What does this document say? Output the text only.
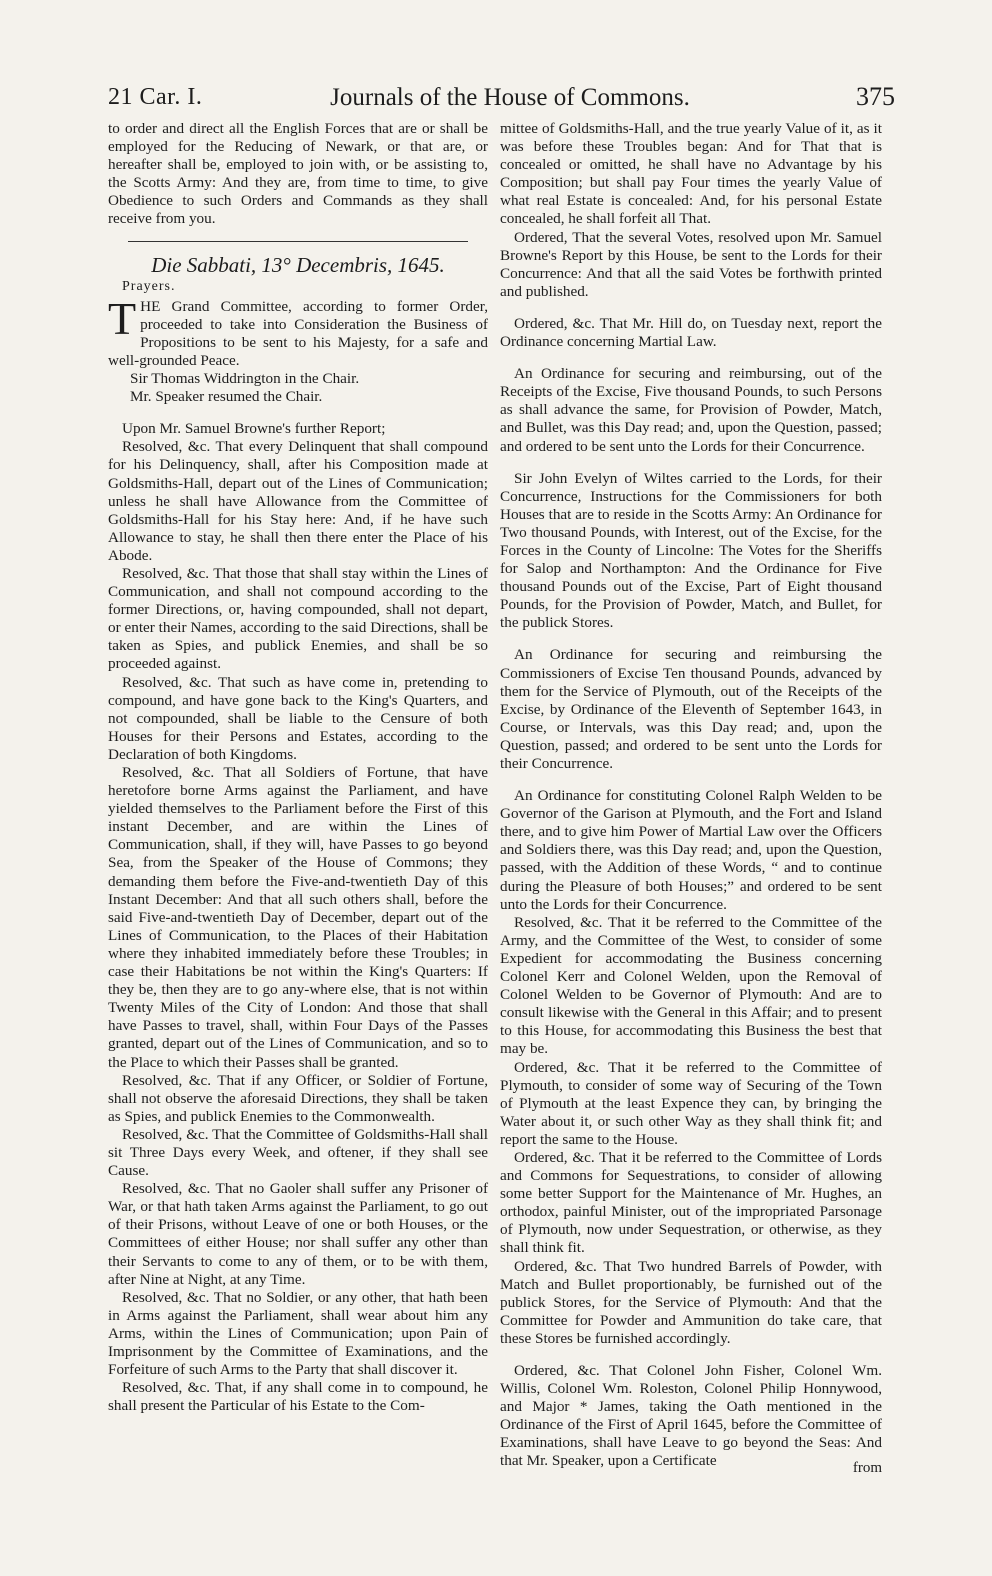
21 Car. I.	Journals of the House of Commons.	375

to order and direct all the English Forces that are or shall be employed for the Reducing of Newark, or that are, or hereafter shall be, employed to join with, or be assisting to, the Scotts Army: And they are, from time to time, to give Obedience to such Orders and Commands as they shall receive from you.

Die Sabbati, 13° Decembris, 1645.

Prayers.

THE Grand Committee, according to former Order, proceeded to take into Consideration the Business of Propositions to be sent to his Majesty, for a safe and well-grounded Peace.

Sir Thomas Widdrington in the Chair.

Mr. Speaker resumed the Chair.

Upon Mr. Samuel Browne's further Report;

Resolved, &c. That every Delinquent that shall compound for his Delinquency, shall, after his Composition made at Goldsmiths-Hall, depart out of the Lines of Communication; unless he shall have Allowance from the Committee of Goldsmiths-Hall for his Stay here: And, if he have such Allowance to stay, he shall then there enter the Place of his Abode.

Resolved, &c. That those that shall stay within the Lines of Communication, and shall not compound according to the former Directions, or, having compounded, shall not depart, or enter their Names, according to the said Directions, shall be taken as Spies, and publick Enemies, and shall be so proceeded against.

Resolved, &c. That such as have come in, pretending to compound, and have gone back to the King's Quarters, and not compounded, shall be liable to the Censure of both Houses for their Persons and Estates, according to the Declaration of both Kingdoms.

Resolved, &c. That all Soldiers of Fortune, that have heretofore borne Arms against the Parliament, and have yielded themselves to the Parliament before the First of this instant December, and are within the Lines of Communication, shall, if they will, have Passes to go beyond Sea, from the Speaker of the House of Commons; they demanding them before the Five-and-twentieth Day of this Instant December: And that all such others shall, before the said Five-and-twentieth Day of December, depart out of the Lines of Communication, to the Places of their Habitation where they inhabited immediately before these Troubles; in case their Habitations be not within the King's Quarters: If they be, then they are to go any-where else, that is not within Twenty Miles of the City of London: And those that shall have Passes to travel, shall, within Four Days of the Passes granted, depart out of the Lines of Communication, and so to the Place to which their Passes shall be granted.

Resolved, &c. That if any Officer, or Soldier of Fortune, shall not observe the aforesaid Directions, they shall be taken as Spies, and publick Enemies to the Commonwealth.

Resolved, &c. That the Committee of Goldsmiths-Hall shall sit Three Days every Week, and oftener, if they shall see Cause.

Resolved, &c. That no Gaoler shall suffer any Prisoner of War, or that hath taken Arms against the Parliament, to go out of their Prisons, without Leave of one or both Houses, or the Committees of either House; nor shall suffer any other than their Servants to come to any of them, or to be with them, after Nine at Night, at any Time.

Resolved, &c. That no Soldier, or any other, that hath been in Arms against the Parliament, shall wear about him any Arms, within the Lines of Communication; upon Pain of Imprisonment by the Committee of Examinations, and the Forfeiture of such Arms to the Party that shall discover it.

Resolved, &c. That, if any shall come in to compound, he shall present the Particular of his Estate to the Com-

mittee of Goldsmiths-Hall, and the true yearly Value of it, as it was before these Troubles began: And for That that is concealed or omitted, he shall have no Advantage by his Composition; but shall pay Four times the yearly Value of what real Estate is concealed: And, for his personal Estate concealed, he shall forfeit all That.

Ordered, That the several Votes, resolved upon Mr. Samuel Browne's Report by this House, be sent to the Lords for their Concurrence: And that all the said Votes be forthwith printed and published.

Ordered, &c. That Mr. Hill do, on Tuesday next, report the Ordinance concerning Martial Law.

An Ordinance for securing and reimbursing, out of the Receipts of the Excise, Five thousand Pounds, to such Persons as shall advance the same, for Provision of Powder, Match, and Bullet, was this Day read; and, upon the Question, passed; and ordered to be sent unto the Lords for their Concurrence.

Sir John Evelyn of Wiltes carried to the Lords, for their Concurrence, Instructions for the Commissioners for both Houses that are to reside in the Scotts Army: An Ordinance for Two thousand Pounds, with Interest, out of the Excise, for the Forces in the County of Lincolne: The Votes for the Sheriffs for Salop and Northampton: And the Ordinance for Five thousand Pounds out of the Excise, Part of Eight thousand Pounds, for the Provision of Powder, Match, and Bullet, for the publick Stores.

An Ordinance for securing and reimbursing the Commissioners of Excise Ten thousand Pounds, advanced by them for the Service of Plymouth, out of the Receipts of the Excise, by Ordinance of the Eleventh of September 1643, in Course, or Intervals, was this Day read; and, upon the Question, passed; and ordered to be sent unto the Lords for their Concurrence.

An Ordinance for constituting Colonel Ralph Welden to be Governor of the Garison at Plymouth, and the Fort and Island there, and to give him Power of Martial Law over the Officers and Soldiers there, was this Day read; and, upon the Question, passed, with the Addition of these Words, “ and to continue during the Pleasure of both Houses;” and ordered to be sent unto the Lords for their Concurrence.

Resolved, &c. That it be referred to the Committee of the Army, and the Committee of the West, to consider of some Expedient for accommodating the Business concerning Colonel Kerr and Colonel Welden, upon the Removal of Colonel Welden to be Governor of Plymouth: And are to consult likewise with the General in this Affair; and to present to this House, for accommodating this Business the best that may be.

Ordered, &c. That it be referred to the Committee of Plymouth, to consider of some way of Securing of the Town of Plymouth at the least Expence they can, by bringing the Water about it, or such other Way as they shall think fit; and report the same to the House.

Ordered, &c. That it be referred to the Committee of Lords and Commons for Sequestrations, to consider of allowing some better Support for the Maintenance of Mr. Hughes, an orthodox, painful Minister, out of the impropriated Parsonage of Plymouth, now under Sequestration, or otherwise, as they shall think fit.

Ordered, &c. That Two hundred Barrels of Powder, with Match and Bullet proportionably, be furnished out of the publick Stores, for the Service of Plymouth: And that the Committee for Powder and Ammunition do take care, that these Stores be furnished accordingly.

Ordered, &c. That Colonel John Fisher, Colonel Wm. Willis, Colonel Wm. Roleston, Colonel Philip Honnywood, and Major * James, taking the Oath mentioned in the Ordinance of the First of April 1645, before the Committee of Examinations, shall have Leave to go beyond the Seas: And that Mr. Speaker, upon a Certificate	from
